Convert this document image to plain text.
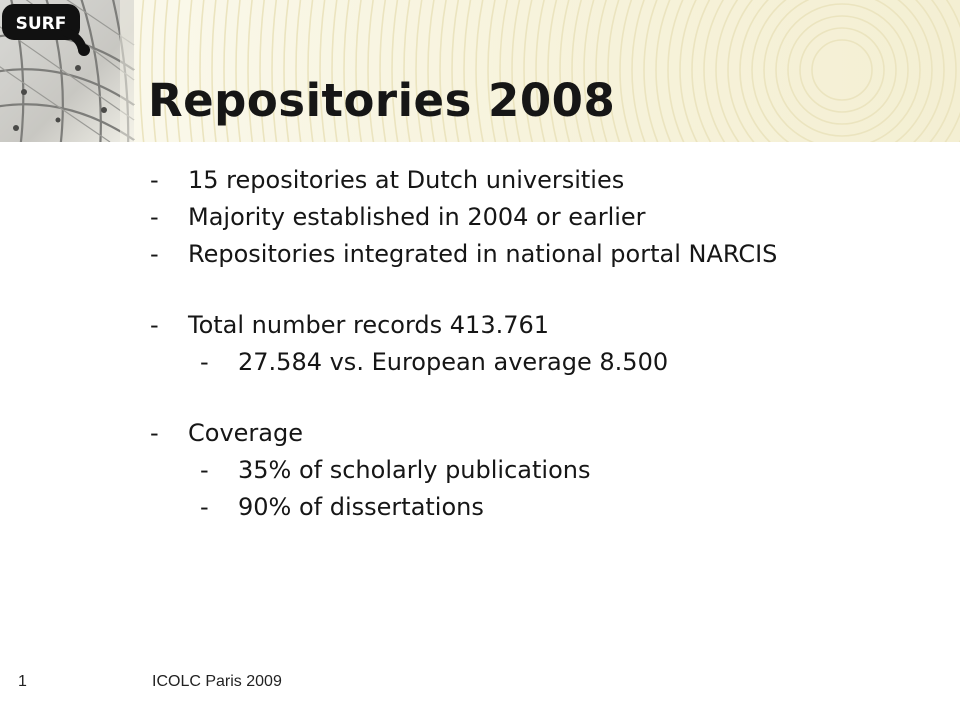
Repositories 2008
SURF
-	15 repositories at Dutch universities
-	Majority established in 2004 or earlier
-	Repositories integrated in national portal NARCIS
-	Total number records 413.761
-	27.584 vs. European average 8.500
-	Coverage
-	35% of scholarly publications
-	90% of dissertations
1	ICOLC Paris 2009
